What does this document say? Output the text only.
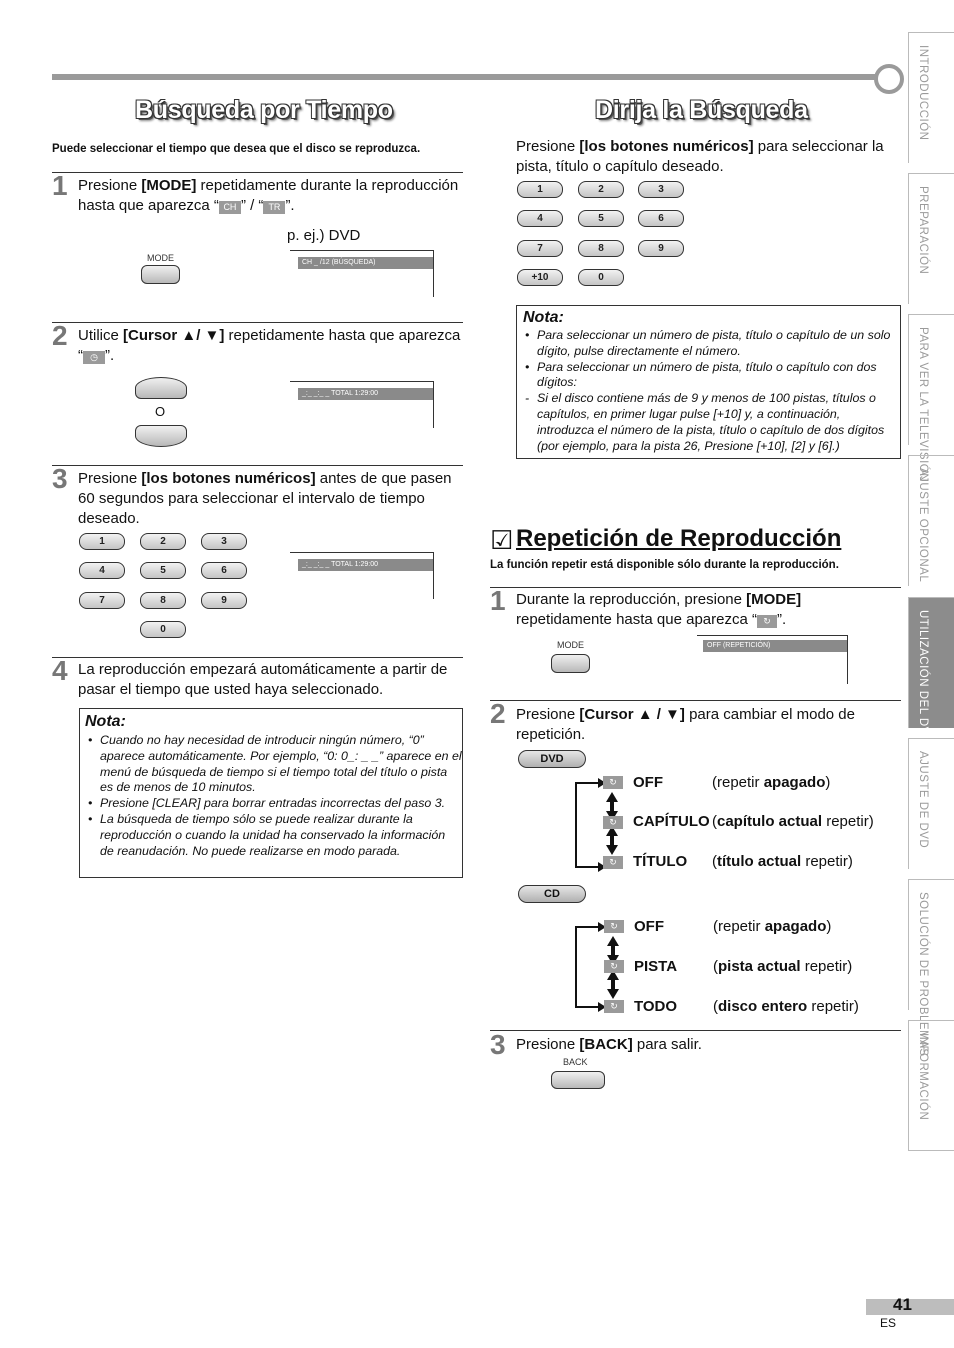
Búsqueda por Tiempo
Puede seleccionar el tiempo que desea que el disco se reproduzca.
1 Presione [MODE] repetidamente durante la reproducción hasta que aparezca “ CH ” / “ TR ”.
p. ej.) DVD
MODE	CH _ /12 (BÚSQUEDA)
2 Utilice [Cursor ▲/ ▼] repetidamente hasta que aparezca “ ◷ ”.
O
_:_ _:_ _ TOTAL 1:29:00
3 Presione [los botones numéricos] antes de que pasen 60 segundos para seleccionar el intervalo de tiempo deseado.
1	2	3
4	5	6
7	8	9
0
_:_ _:_ _ TOTAL 1:29:00
4 La reproducción empezará automáticamente a partir de pasar el tiempo que usted haya seleccionado.
Nota:
• Cuando no hay necesidad de introducir ningún número, “0” aparece automáticamente. Por ejemplo, “0: 0_: _ _” aparece en el menú de búsqueda de tiempo si el tiempo total del título o pista es de menos de 10 minutos.
• Presione [CLEAR] para borrar entradas incorrectas del paso 3.
• La búsqueda de tiempo sólo se puede realizar durante la reproducción o cuando la unidad ha conservado la información de reanudación. No puede realizarse en modo parada.
Dirija la Búsqueda
Presione [los botones numéricos] para seleccionar la pista, título o capítulo deseado.
1	2	3
4	5	6
7	8	9
+10	0
Nota:
• Para seleccionar un número de pista, título o capítulo de un solo dígito, pulse directamente el número.
• Para seleccionar un número de pista, título o capítulo con dos dígitos:
- Si el disco contiene más de 9 y menos de 100 pistas, títulos o capítulos, en primer lugar pulse [+10] y, a continuación, introduzca el número de la pista, título o capítulo de dos dígitos (por ejemplo, para la pista 26, Presione [+10], [2] y [6].)
☑ Repetición de Reproducción
La función repetir está disponible sólo durante la reproducción.
1 Durante la reproducción, presione [MODE] repetidamente hasta que aparezca “ ↻ ”.
MODE	OFF (REPETICIÓN)
2 Presione [Cursor ▲ / ▼] para cambiar el modo de repetición.
DVD
↻
↻
↻
OFF	(repetir apagado)
CAPÍTULO (capítulo actual repetir)
TÍTULO (título actual repetir)
CD
↻
↻
↻
OFF	(repetir apagado)
PISTA (pista actual repetir)
TODO (disco entero repetir)
3 Presione [BACK] para salir.
BACK
INTRODUCCIÓN
PREPARACIÓN
PARA VER LA TELEVISIÓN
AJUSTE OPCIONAL
UTILIZACIÓN DEL DVD
AJUSTE DE DVD
SOLUCIÓN DE PROBLEMAS
INFORMACIÓN
41
ES
